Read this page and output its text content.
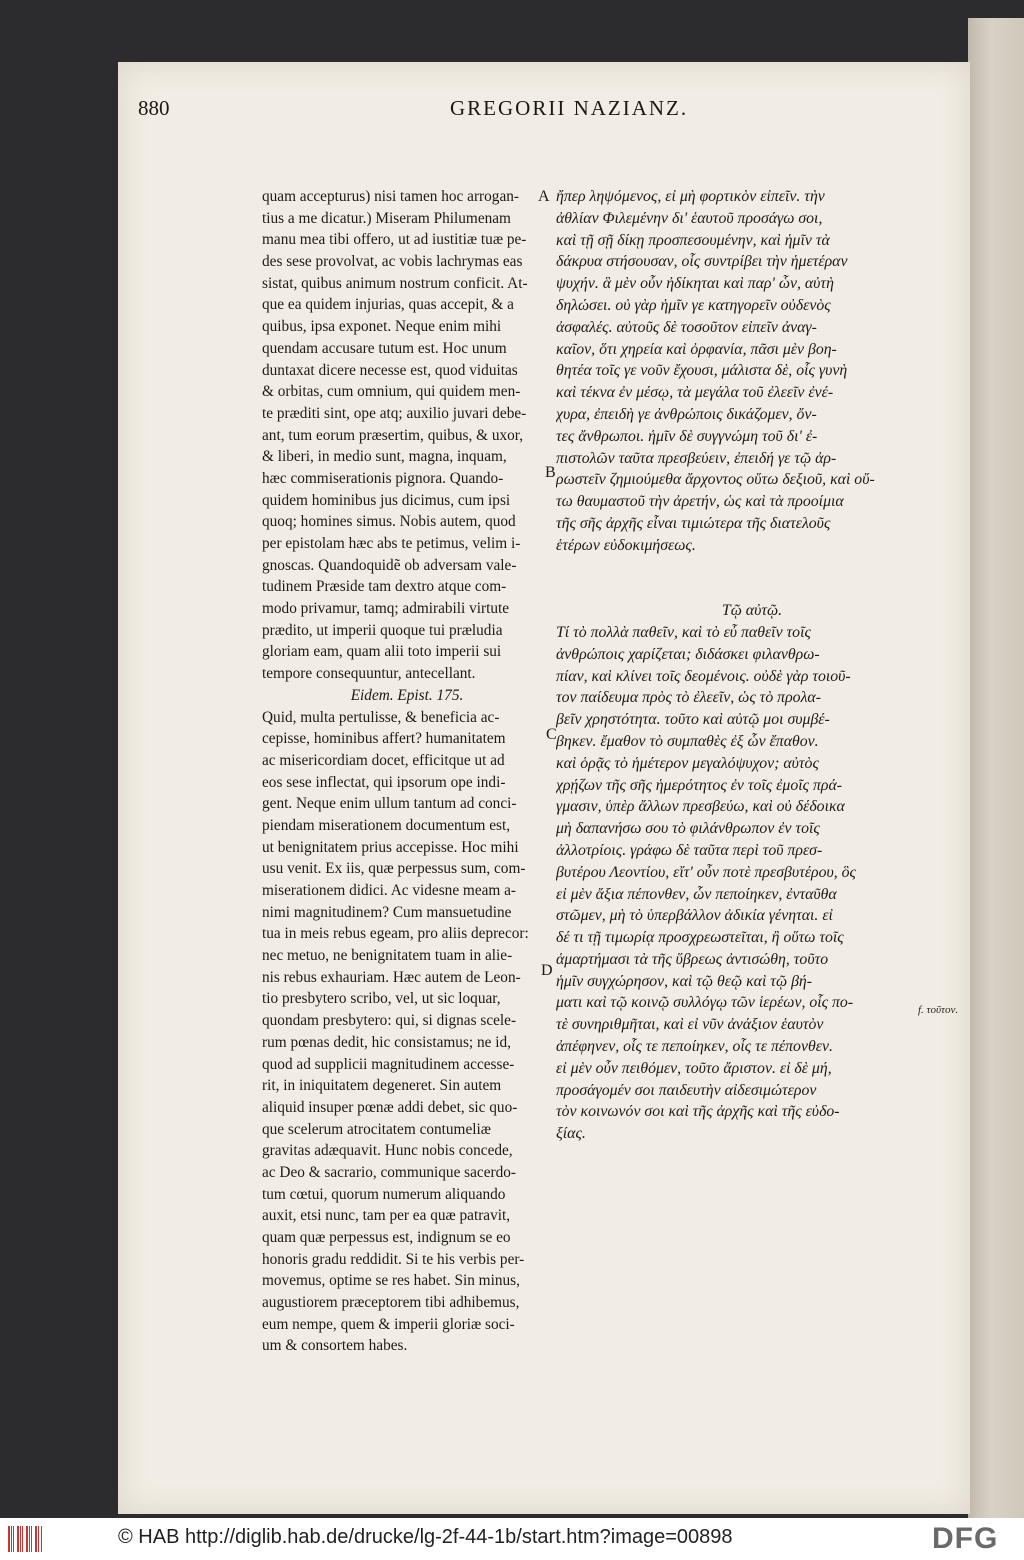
880	GREGORII NAZIANZ.
quam accepturus) nisi tamen hoc arrogan-
tius a me dicatur.) Miseram Philumenam
manu mea tibi offero, ut ad iustitiæ tuæ pe-
des sese provolvat, ac vobis lachrymas eas
sistat, quibus animum nostrum conficit. At-
que ea quidem injurias, quas accepit, & a
quibus, ipsa exponet. Neque enim mihi
quendam accusare tutum est. Hoc unum
duntaxat dicere necesse est, quod viduitas
& orbitas, cum omnium, qui quidem men-
te præditi sint, ope atq; auxilio juvari debe-
ant, tum eorum præsertim, quibus, & uxor,
& liberi, in medio sunt, magna, inquam,
hæc commiserationis pignora. Quando-
quidem hominibus jus dicimus, cum ipsi
quoq; homines simus. Nobis autem, quod
per epistolam hæc abs te petimus, velim i-
gnoscas. Quandoquidẽ ob adversam vale-
tudinem Præside tam dextro atque com-
modo privamur, tamq; admirabili virtute
prædito, ut imperii quoque tui præludia
gloriam eam, quam alii toto imperii sui
tempore consequuntur, antecellant.
Eidem. Epist. 175.
Quid, multa pertulisse, & beneficia ac-
cepisse, hominibus affert? humanitatem
ac misericordiam docet, efficitque ut ad
eos sese inflectat, qui ipsorum ope indi-
gent. Neque enim ullum tantum ad conci-
piendam miserationem documentum est,
ut benignitatem prius accepisse. Hoc mihi
usu venit. Ex iis, quæ perpessus sum, com-
miserationem didici. Ac videsne meam a-
nimi magnitudinem? Cum mansuetudine
tua in meis rebus egeam, pro aliis deprecor:
nec metuo, ne benignitatem tuam in alie-
nis rebus exhauriam. Hæc autem de Leon-
tio presbytero scribo, vel, ut sic loquar,
quondam presbytero: qui, si dignas scele-
rum pœnas dedit, hic consistamus; ne id,
quod ad supplicii magnitudinem accesse-
rit, in iniquitatem degeneret. Sin autem
aliquid insuper pœnæ addi debet, sic quo-
que scelerum atrocitatem contumeliæ
gravitas adæquavit. Hunc nobis concede,
ac Deo & sacrario, communique sacerdo-
tum cœtui, quorum numerum aliquando
auxit, etsi nunc, tam per ea quæ patravit,
quam quæ perpessus est, indignum se eo
honoris gradu reddidit. Si te his verbis per-
movemus, optime se res habet. Sin minus,
augustiorem præceptorem tibi adhibemus,
eum nempe, quem & imperii gloriæ soci-
um & consortem habes.
ἤπερ ληψόμενος, εἰ μὴ φορτικὸν εἰπεῖν. τὴν
ἀθλίαν Φιλεμένην δι' ἑαυτοῦ προσάγω σοι,
καὶ τῇ σῇ δίκῃ προσπεσουμένην, καὶ ἡμῖν τὰ
δάκρυα στήσουσαν, οἷς συντρίβει τὴν ἡμετέραν
ψυχήν. ἃ μὲν οὖν ἠδίκηται καὶ παρ' ὧν, αὐτὴ
δηλώσει. οὐ γὰρ ἡμῖν γε κατηγορεῖν οὐδενὸς
ἀσφαλές. αὐτοῦς δὲ τοσοῦτον εἰπεῖν ἀναγ-
καῖον, ὅτι χηρεία καὶ ὀρφανία, πᾶσι μὲν βοη-
θητέα τοῖς γε νοῦν ἔχουσι, μάλιστα δὲ, οἷς γυνὴ
καὶ τέκνα ἐν μέσῳ, τὰ μεγάλα τοῦ ἐλεεῖν ἐνέ-
χυρα, ἐπειδὴ γε ἀνθρώποις δικάζομεν, ὄν-
τες ἄνθρωποι. ἡμῖν δὲ συγγνώμη τοῦ δι' ἐ-
πιστολῶν ταῦτα πρεσβεύειν, ἐπειδή γε τῷ ἀρ-
ρωστεῖν ζημιούμεθα ἄρχοντος οὕτω δεξιοῦ, καὶ οὕ-
τω θαυμαστοῦ τὴν ἀρετήν, ὡς καὶ τὰ προοίμια
τῆς σῆς ἀρχῆς εἶναι τιμιώτερα τῆς διατελοῦς
ἑτέρων εὐδοκιμήσεως.
Τῷ αὐτῷ.
Τί τὸ πολλὰ παθεῖν, καὶ τὸ εὖ παθεῖν τοῖς
ἀνθρώποις χαρίζεται; διδάσκει φιλανθρω-
πίαν, καὶ κλίνει τοῖς δεομένοις. οὐδὲ γὰρ τοιοῦ-
τον παίδευμα πρὸς τὸ ἐλεεῖν, ὡς τὸ προλα-
βεῖν χρηστότητα. τοῦτο καὶ αὐτῷ μοι συμβέ-
βηκεν. ἔμαθον τὸ συμπαθὲς ἐξ ὧν ἔπαθον.
καὶ ὁρᾷς τὸ ἡμέτερον μεγαλόψυχον; αὐτὸς
χρῄζων τῆς σῆς ἡμερότητος ἐν τοῖς ἐμοῖς πρά-
γμασιν, ὑπὲρ ἄλλων πρεσβεύω, καὶ οὐ δέδοικα
μὴ δαπανήσω σου τὸ φιλάνθρωπον ἐν τοῖς
ἀλλοτρίοις. γράφω δὲ ταῦτα περὶ τοῦ πρεσ-
βυτέρου Λεοντίου, εἴτ' οὖν ποτὲ πρεσβυτέρου, ὃς
εἰ μὲν ἄξια πέπονθεν, ὧν πεποίηκεν, ἐνταῦθα
στῶμεν, μὴ τὸ ὑπερβάλλον ἀδικία γένηται. εἰ
δέ τι τῇ τιμωρίᾳ προσχρεωστεῖται, ἢ οὕτω τοῖς
ἁμαρτήμασι τὰ τῆς ὕβρεως ἀντισώθη, τοῦτο
ἡμῖν συγχώρησον, καὶ τῷ θεῷ καὶ τῷ βή-
ματι καὶ τῷ κοινῷ συλλόγῳ τῶν ἱερέων, οἷς πο-
τὲ συνηριθμῆται, καὶ εἰ νῦν ἀνάξιον ἑαυτὸν
ἀπέφηνεν, οἷς τε πεποίηκεν, οἷς τε πέπονθεν.
εἰ μὲν οὖν πειθόμεν, τοῦτο ἄριστον. εἰ δὲ μή,
προσάγομέν σοι παιδευτὴν αἰδεσιμώτερον
τὸν κοινωνόν σοι καὶ τῆς ἀρχῆς καὶ τῆς εὐδο-
ξίας.
A
B
C
D
f. τοῦτον.
© HAB http://diglib.hab.de/drucke/lg-2f-44-1b/start.htm?image=00898	DFG
